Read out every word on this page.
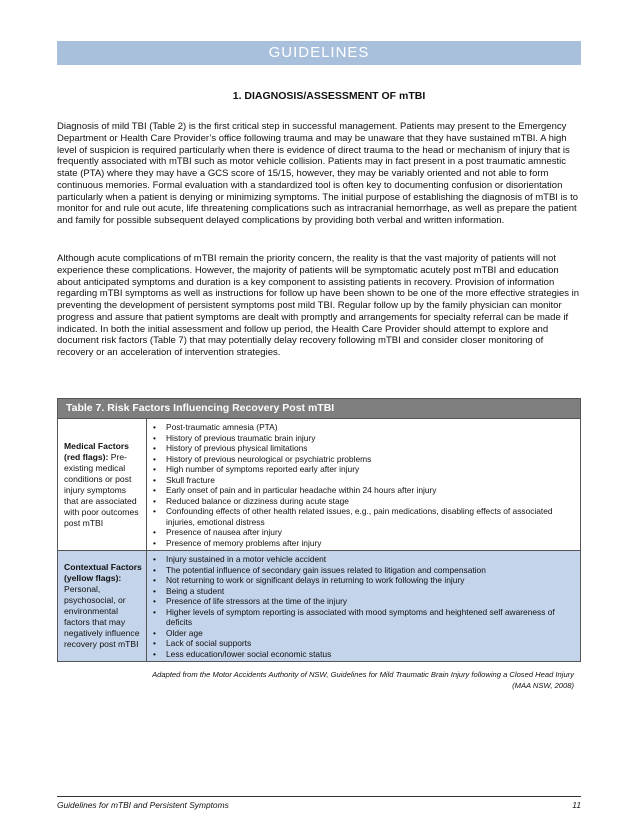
GUIDELINES
1. DIAGNOSIS/ASSESSMENT OF mTBI

Diagnosis of mild TBI (Table 2) is the first critical step in successful management. Patients may present to the Emergency Department or Health Care Provider’s office following trauma and may be unaware that they have sustained mTBI. A high level of suspicion is required particularly when there is evidence of direct trauma to the head or mechanism of injury that is frequently associated with mTBI such as motor vehicle collision. Patients may in fact present in a post traumatic amnestic state (PTA) where they may have a GCS score of 15/15, however, they may be variably oriented and not able to form continuous memories. Formal evaluation with a standardized tool is often key to documenting confusion or disorientation particularly when a patient is denying or minimizing symptoms. The initial purpose of establishing the diagnosis of mTBI is to monitor for and rule out acute, life threatening complications such as intracranial hemorrhage, as well as prepare the patient and family for possible subsequent delayed complications by providing both verbal and written information.

Although acute complications of mTBI remain the priority concern, the reality is that the vast majority of patients will not experience these complications. However, the majority of patients will be symptomatic acutely post mTBI and education about anticipated symptoms and duration is a key component to assisting patients in recovery. Provision of information regarding mTBI symptoms as well as instructions for follow up have been shown to be one of the more effective strategies in preventing the development of persistent symptoms post mild TBI. Regular follow up by the family physician can monitor progress and assure that patient symptoms are dealt with promptly and arrangements for specialty referral can be made if indicated. In both the initial assessment and follow up period, the Health Care Provider should attempt to explore and document risk factors (Table 7) that may potentially delay recovery following mTBI and consider closer monitoring of recovery or an acceleration of intervention strategies.

Table 7. Risk Factors Influencing Recovery Post mTBI
Medical Factors (red flags): Pre-existing medical conditions or post injury symptoms that are associated with poor outcomes post mTBI
• Post-traumatic amnesia (PTA)
• History of previous traumatic brain injury
• History of previous physical limitations
• History of previous neurological or psychiatric problems
• High number of symptoms reported early after injury
• Skull fracture
• Early onset of pain and in particular headache within 24 hours after injury
• Reduced balance or dizziness during acute stage
• Confounding effects of other health related issues, e.g., pain medications, disabling effects of associated injuries, emotional distress
• Presence of nausea after injury
• Presence of memory problems after injury
Contextual Factors (yellow flags): Personal, psychosocial, or environmental factors that may negatively influence recovery post mTBI
• Injury sustained in a motor vehicle accident
• The potential influence of secondary gain issues related to litigation and compensation
• Not returning to work or significant delays in returning to work following the injury
• Being a student
• Presence of life stressors at the time of the injury
• Higher levels of symptom reporting is associated with mood symptoms and heightened self awareness of deficits
• Older age
• Lack of social supports
• Less education/lower social economic status
Adapted from the Motor Accidents Authority of NSW, Guidelines for Mild Traumatic Brain Injury following a Closed Head Injury
(MAA NSW, 2008)
Guidelines for mTBI and Persistent Symptoms	11
